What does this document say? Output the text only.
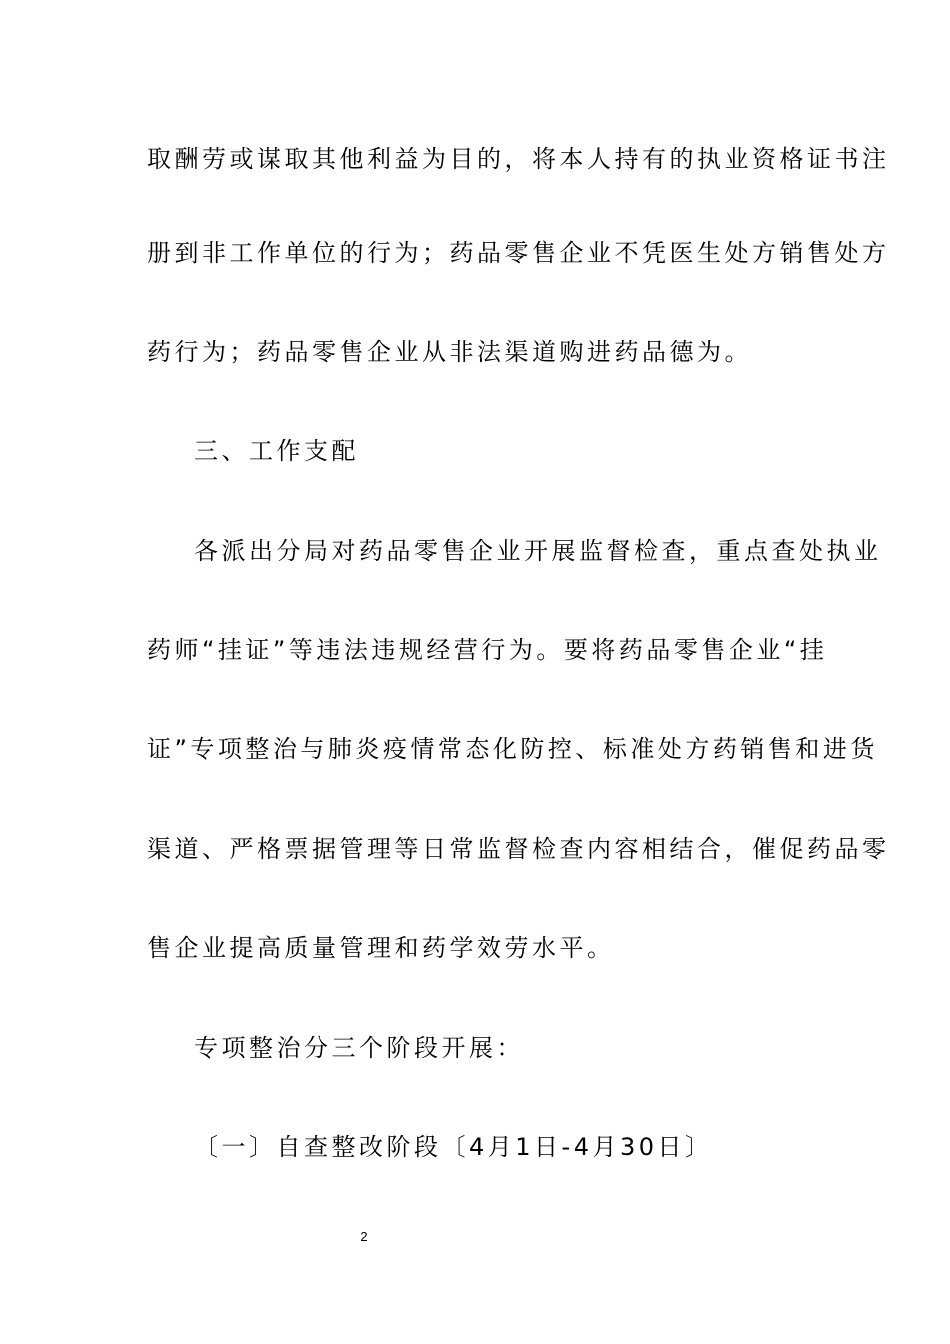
取酬劳或谋取其他利益为目的，将本人持有的执业资格证书注
册到非工作单位的行为；药品零售企业不凭医生处方销售处方
药行为；药品零售企业从非法渠道购进药品德为。
三、工作支配
各派出分局对药品零售企业开展监督检查，重点查处执业
药师“挂证”等违法违规经营行为。要将药品零售企业“挂
证”专项整治与肺炎疫情常态化防控、标准处方药销售和进货
渠道、严格票据管理等日常监督检查内容相结合，催促药品零
售企业提高质量管理和药学效劳水平。
专项整治分三个阶段开展：
〔一〕自查整改阶段〔4月1日-4月30日〕
2
